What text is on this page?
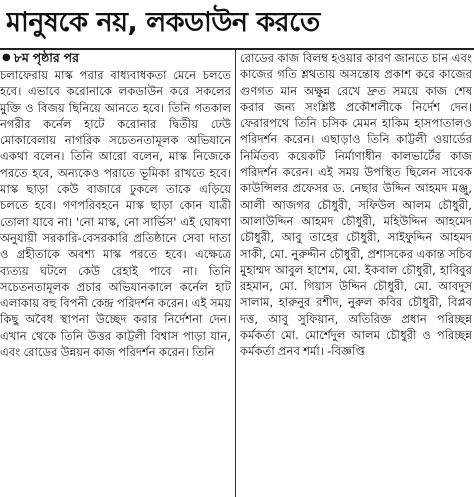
মানুষকে নয়, লকডাউন করতে
● ৮ম পৃষ্ঠার পর
চলাফেরায় মাস্ক পরার বাধ্যবাধকতা মেনে চলতে হবে। এভাবে করোনাকে লকডাউন করে সকলের মুক্তি ও বিজয় ছিনিয়ে আনতে হবে। তিনি গতকাল নগরীর কর্নেল হাটে করোনার দ্বিতীয় ঢেউ মোকাবেলায় নাগরিক সচেতনতামূলক অভিযানে একথা বলেন। তিনি আরো বলেন, মাস্ক নিজেকে পরতে হবে, অন্যকেও পরাতে ভূমিকা রাখতে হবে। মাস্ক ছাড়া কেউ বাজারে ঢুকলে তাকে এড়িয়ে চলতে হবে। গণপরিবহনে মাস্ক ছাড়া কোন যাত্রী তোলা যাবে না। 'নো মাস্ক, নো সার্ভিস' এই ঘোষণা অনুযায়ী সরকারি-বেসরকারি প্রতিষ্ঠানে সেবা দাতা ও গ্রহীতাকে অবশ্য মাস্ক পরতে হবে। এক্ষেত্রে ব্যত্যয় ঘটলে কেউ রেহাই পাবে না। তিনি সচেতনতামূলক প্রচার অভিযানকালে কর্নেল হাট এলাকায় বহু বিপনী কেন্দ্র পরিদর্শন করেন। এই সময় কিছু অবৈধ স্থাপনা উচ্ছেদ করার নির্দেশনা দেন। এখান থেকে তিনি উত্তর কাট্টলী বিশ্বাস পাড়া যান, এবং রোডের উন্নয়ন কাজ পরিদর্শন করেন। তিনি
রোডের কাজ বিলম্ব হওয়ার কারণ জানতে চান এবং কাজের গতি শ্লথতায় অসন্তোষ প্রকাশ করে কাজের গুণগত মান অক্ষুন্ন রেখে দ্রুত সময়ে কাজ শেষ করার জন্য সংশ্লিষ্ট প্রকৌশলীকে নির্দেশ দেন। ফেরারপথে তিনি চসিক মেমন হাকিম হাসপাতালও পরিদর্শন করেন। এছাড়াও তিনি কাট্টলী ওয়ার্ডের নির্মিতব্য কয়েকটি নির্মাণাধীন কালভার্টের কাজ পরিদর্শন করেন। এই সময় উপস্থিত ছিলেন সাবেক কাউন্সিলর প্রফেসর ড. নেছার উদ্দিন আহমদ মঞ্জু, আলী আজগর চৌধুরী, সফিউল আলম চৌধুরী, আলাউদ্দিন আহমদ চৌধুরী, মহিউদ্দিন আহমেদ চৌধুরী, আবু তাহের চৌধুরী, সাইফুদ্দিন আহমদ সাকী, মো. নুরুদ্দীন চৌধুরী, প্রশাসকের একান্ত সচিব মুহাম্মদ আবুল হাশেম, মো. ইকবাল চৌধুরী, হাবিবুর রহমান, মো. গিয়াস উদ্দিন চৌধুরী, মো. আবদুস সালাম, হারুনুর রশীদ, নুরুল কবির চৌধুরী, বিপ্লব দত্ত, আবু সুফিয়ান, অতিরিক্ত প্রধান পরিচ্ছন্ন কর্মকর্তা মো. মোর্শেদুল আলম চৌধুরী ও পরিচ্ছন্ন কর্মকর্তা প্রনব শর্মা। -বিজ্ঞপ্তি
